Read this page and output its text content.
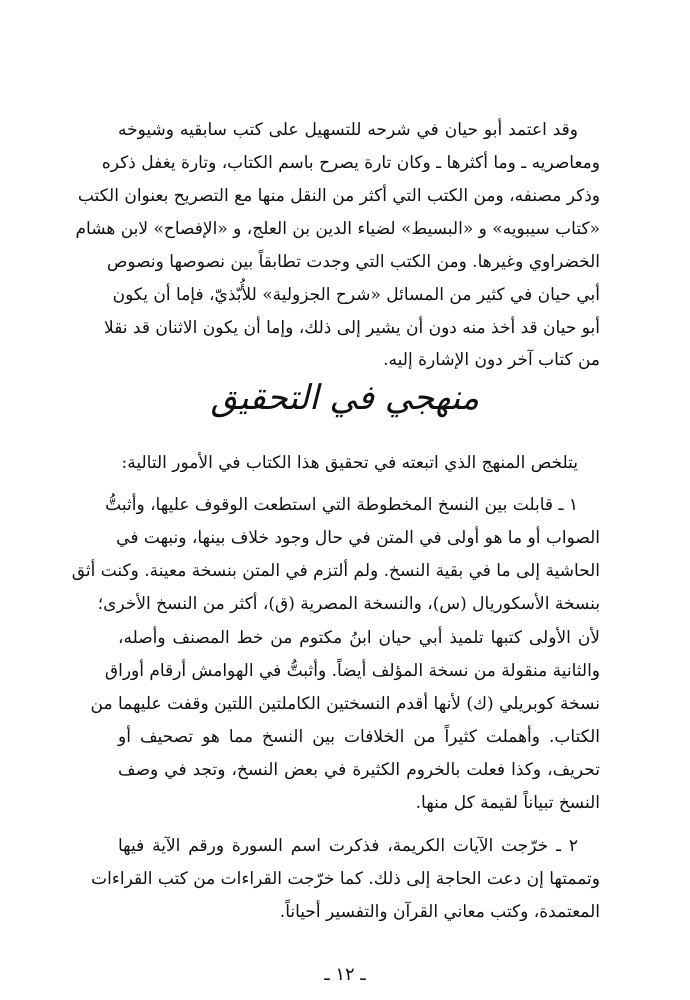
وقد اعتمد أبو حيان في شرحه للتسهيل على كتب سابقيه وشيوخه
ومعاصريه ـ وما أكثرها ـ وكان تارة يصرح باسم الكتاب، وتارة يغفل ذكره
وذكر مصنفه، ومن الكتب التي أكثر من النقل منها مع التصريح بعنوان الكتب
«كتاب سيبويه» و «البسيط» لضياء الدين بن العلج، و «الإفصاح» لابن هشام
الخضراوي وغيرها. ومن الكتب التي وجدت تطابقاً بين نصوصها ونصوص
أبي حيان في كثير من المسائل «شرح الجزولية» للأُبّذيّ، فإما أن يكون
أبو حيان قد أخذ منه دون أن يشير إلى ذلك، وإما أن يكون الاثنان قد نقلا
من كتاب آخر دون الإشارة إليه.
منهجي في التحقيق
يتلخص المنهج الذي اتبعته في تحقيق هذا الكتاب في الأمور التالية:
١ ـ قابلت بين النسخ المخطوطة التي استطعت الوقوف عليها، وأثبتُّ
الصواب أو ما هو أولى في المتن في حال وجود خلاف بينها، ونبهت في
الحاشية إلى ما في بقية النسخ. ولم ألتزم في المتن بنسخة معينة. وكنت أثق
بنسخة الأسكوريال (س)، والنسخة المصرية (ق)، أكثر من النسخ الأخرى؛
لأن الأولى كتبها تلميذ أبي حيان ابنُ مكتوم من خط المصنف وأصله،
والثانية منقولة من نسخة المؤلف أيضاً. وأثبتُّ في الهوامش أرقام أوراق
نسخة كوبريلي (ك) لأنها أقدم النسختين الكاملتين اللتين وقفت عليهما من
الكتاب. وأهملت كثيراً من الخلافات بين النسخ مما هو تصحيف أو
تحريف، وكذا فعلت بالخروم الكثيرة في بعض النسخ، وتجد في وصف
النسخ تبياناً لقيمة كل منها.
٢ ـ خرّجت الآيات الكريمة، فذكرت اسم السورة ورقم الآية فيها
وتممتها إن دعت الحاجة إلى ذلك. كما خرّجت القراءات من كتب القراءات
المعتمدة، وكتب معاني القرآن والتفسير أحياناً.
ـ ١٢ ـ
